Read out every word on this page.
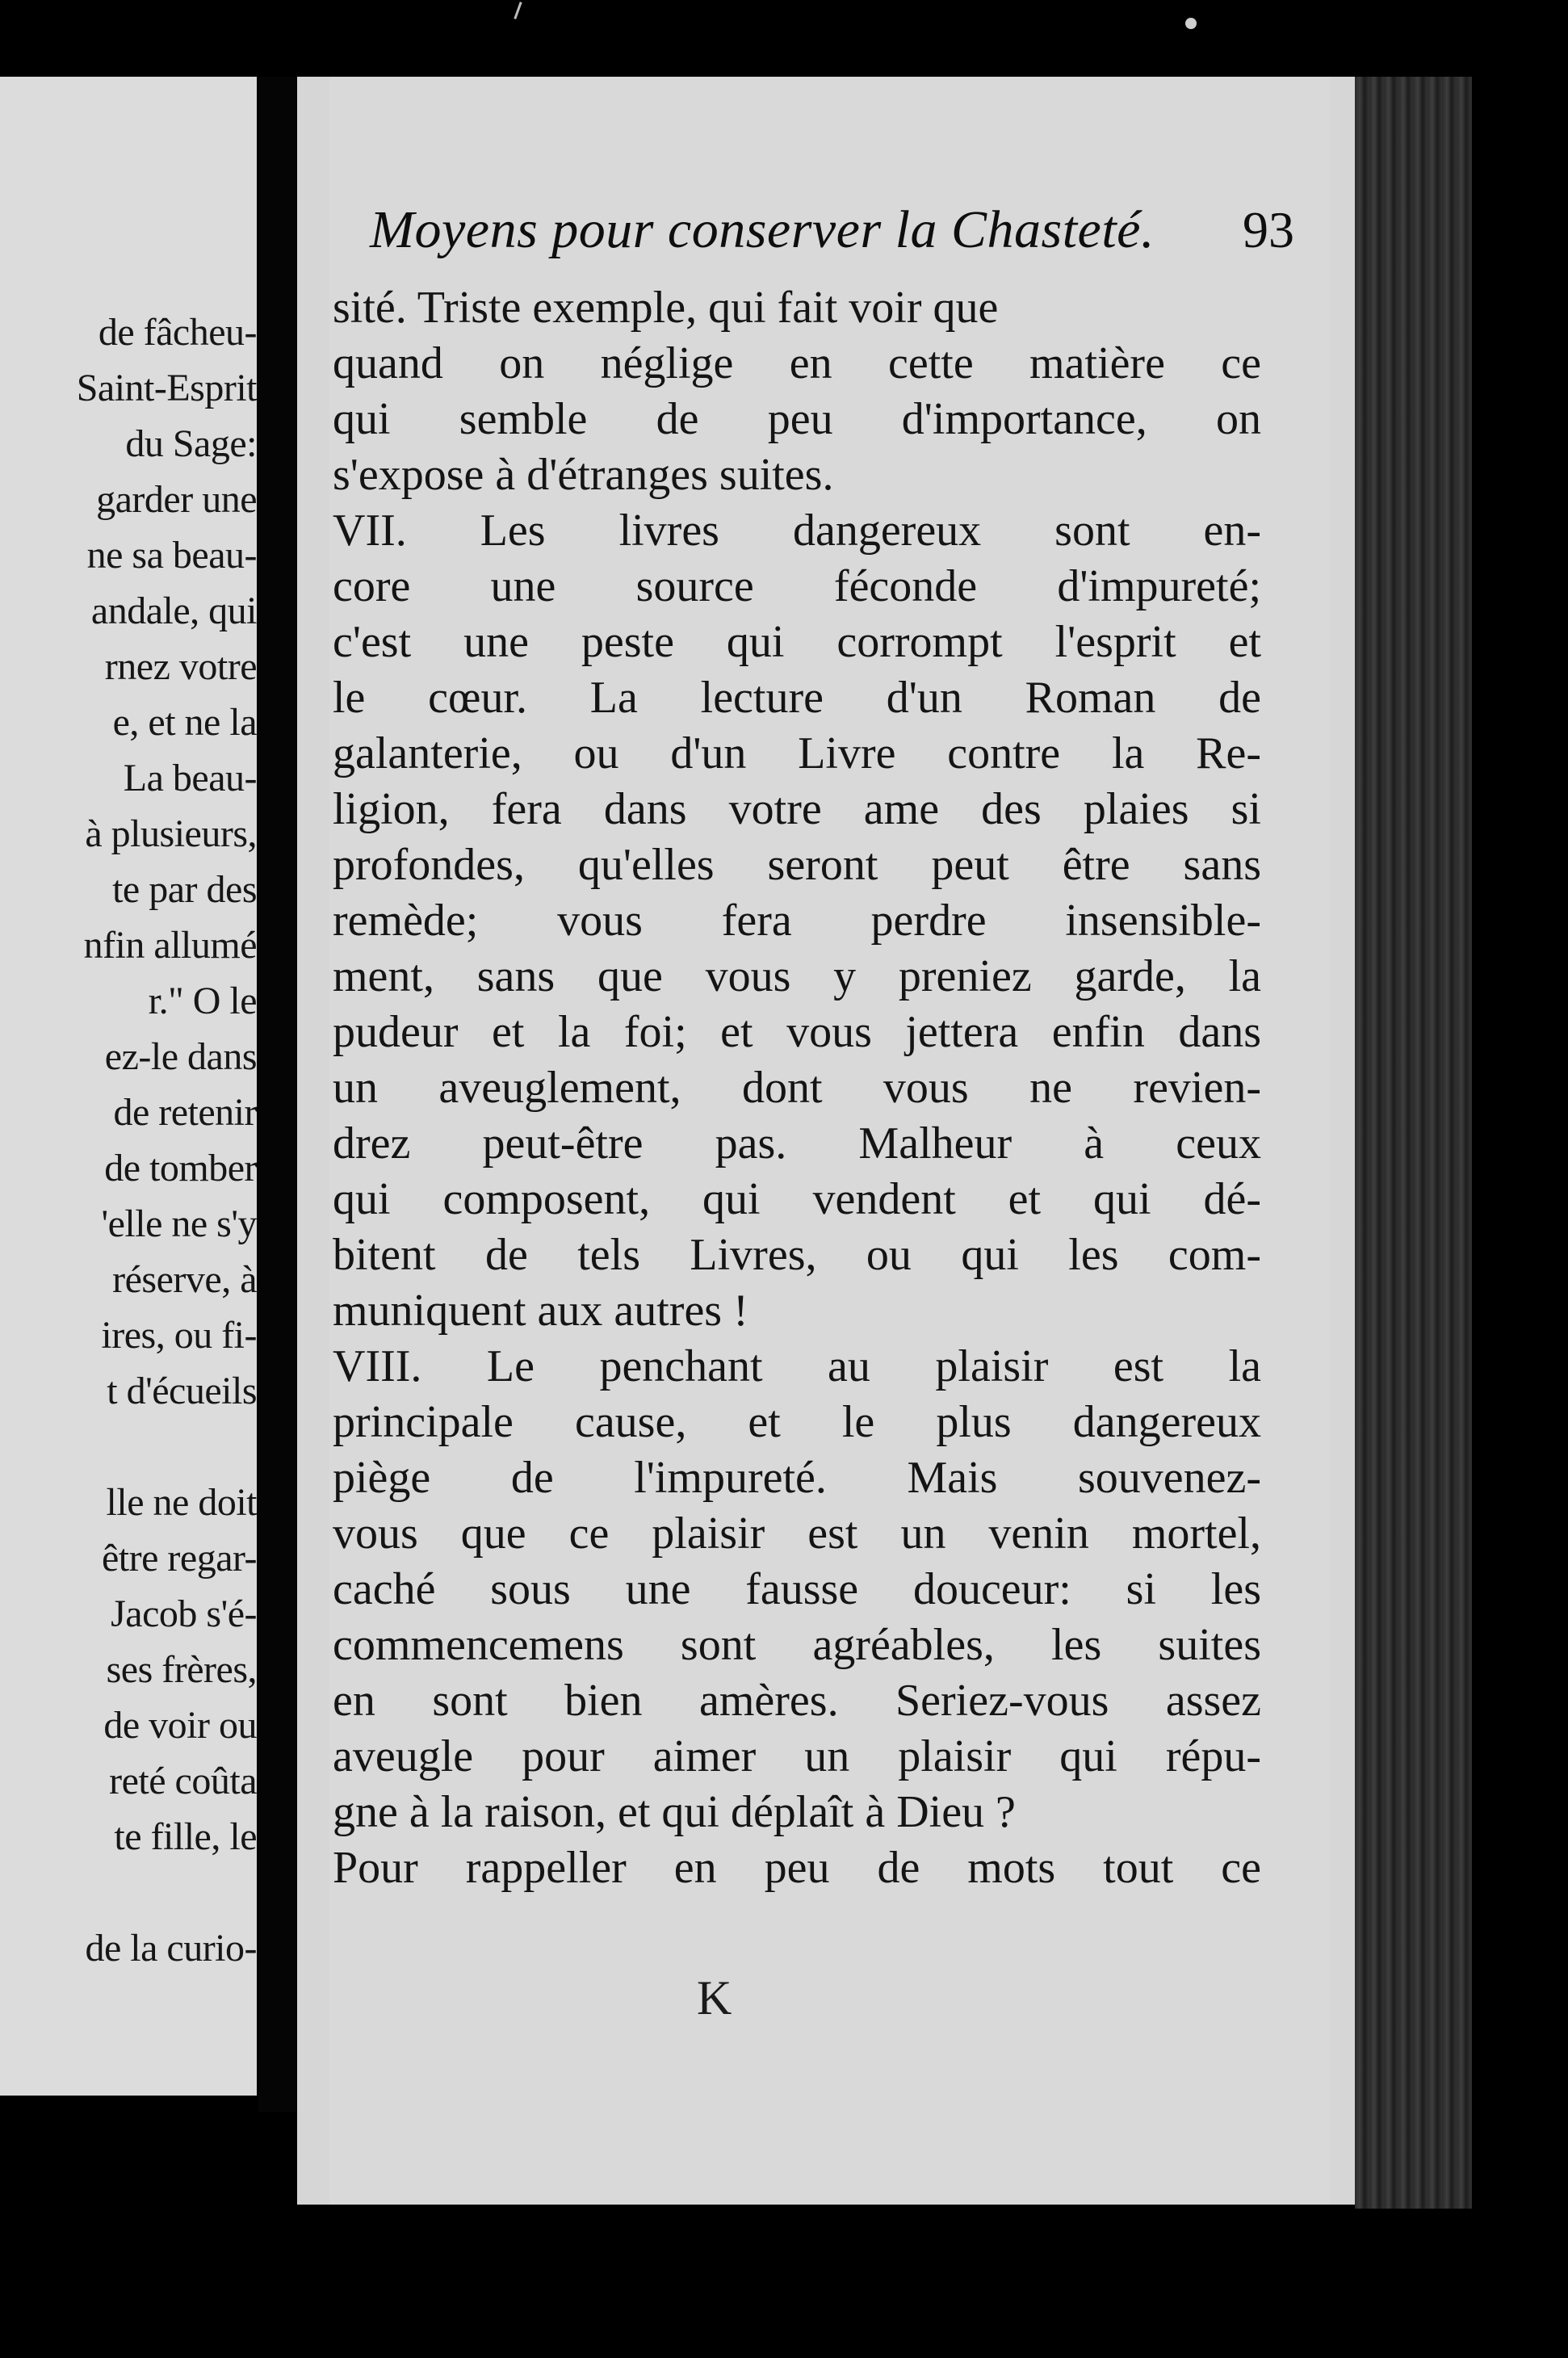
de fâcheu-
Saint-Esprit
du Sage:
garder une
ne sa beau-
andale, qui
rnez votre
e, et ne la
La beau-
à plusieurs,
te par des
nfin allumé
r." O le
ez-le dans
de retenir
de tomber
'elle ne s'y
réserve, à
ires, ou fi-
t d'écueils
lle ne doit
être regar-
Jacob s'é-
ses frères,
de voir ou
reté coûta
te fille, le
de la curio-
Moyens pour conserver la Chasteté. 93
sité. Triste exemple, qui fait voir que
quand on néglige en cette matière ce
qui semble de peu d'importance, on
s'expose à d'étranges suites.
VII. Les livres dangereux sont en-
core une source féconde d'impureté;
c'est une peste qui corrompt l'esprit et
le cœur. La lecture d'un Roman de
galanterie, ou d'un Livre contre la Re-
ligion, fera dans votre ame des plaies si
profondes, qu'elles seront peut être sans
remède; vous fera perdre insensible-
ment, sans que vous y preniez garde, la
pudeur et la foi; et vous jettera enfin dans
un aveuglement, dont vous ne revien-
drez peut-être pas. Malheur à ceux
qui composent, qui vendent et qui dé-
bitent de tels Livres, ou qui les com-
muniquent aux autres !
VIII. Le penchant au plaisir est la
principale cause, et le plus dangereux
piège de l'impureté. Mais souvenez-
vous que ce plaisir est un venin mortel,
caché sous une fausse douceur: si les
commencemens sont agréables, les suites
en sont bien amères. Seriez-vous assez
aveugle pour aimer un plaisir qui répu-
gne à la raison, et qui déplaît à Dieu ?
Pour rappeller en peu de mots tout ce
K
